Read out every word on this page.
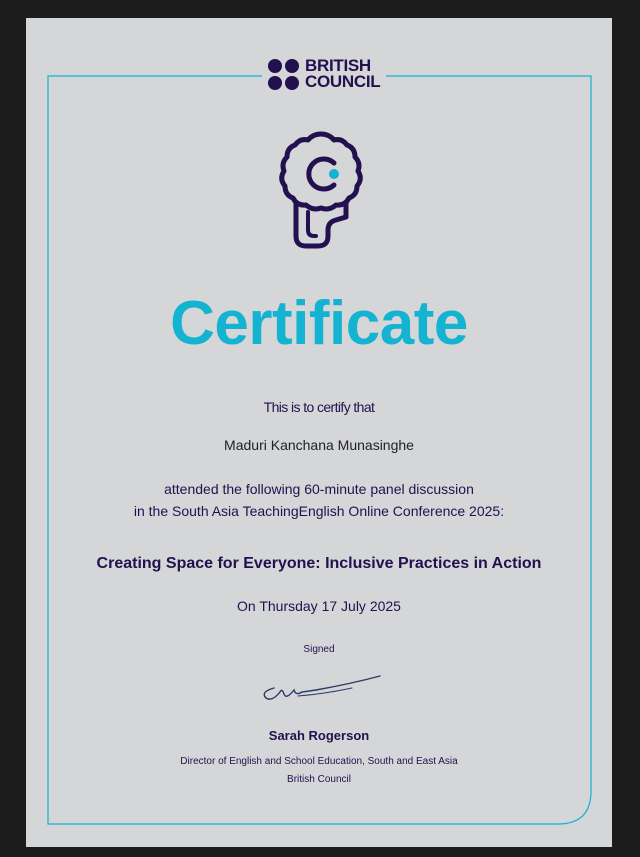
BRITISH
COUNCIL
Certificate
This is to certify that
Maduri Kanchana Munasinghe
attended the following 60-minute panel discussion
in the South Asia TeachingEnglish Online Conference 2025:
Creating Space for Everyone: Inclusive Practices in Action
On Thursday 17 July 2025
Signed
Sarah Rogerson
Director of English and School Education, South and East Asia
British Council
